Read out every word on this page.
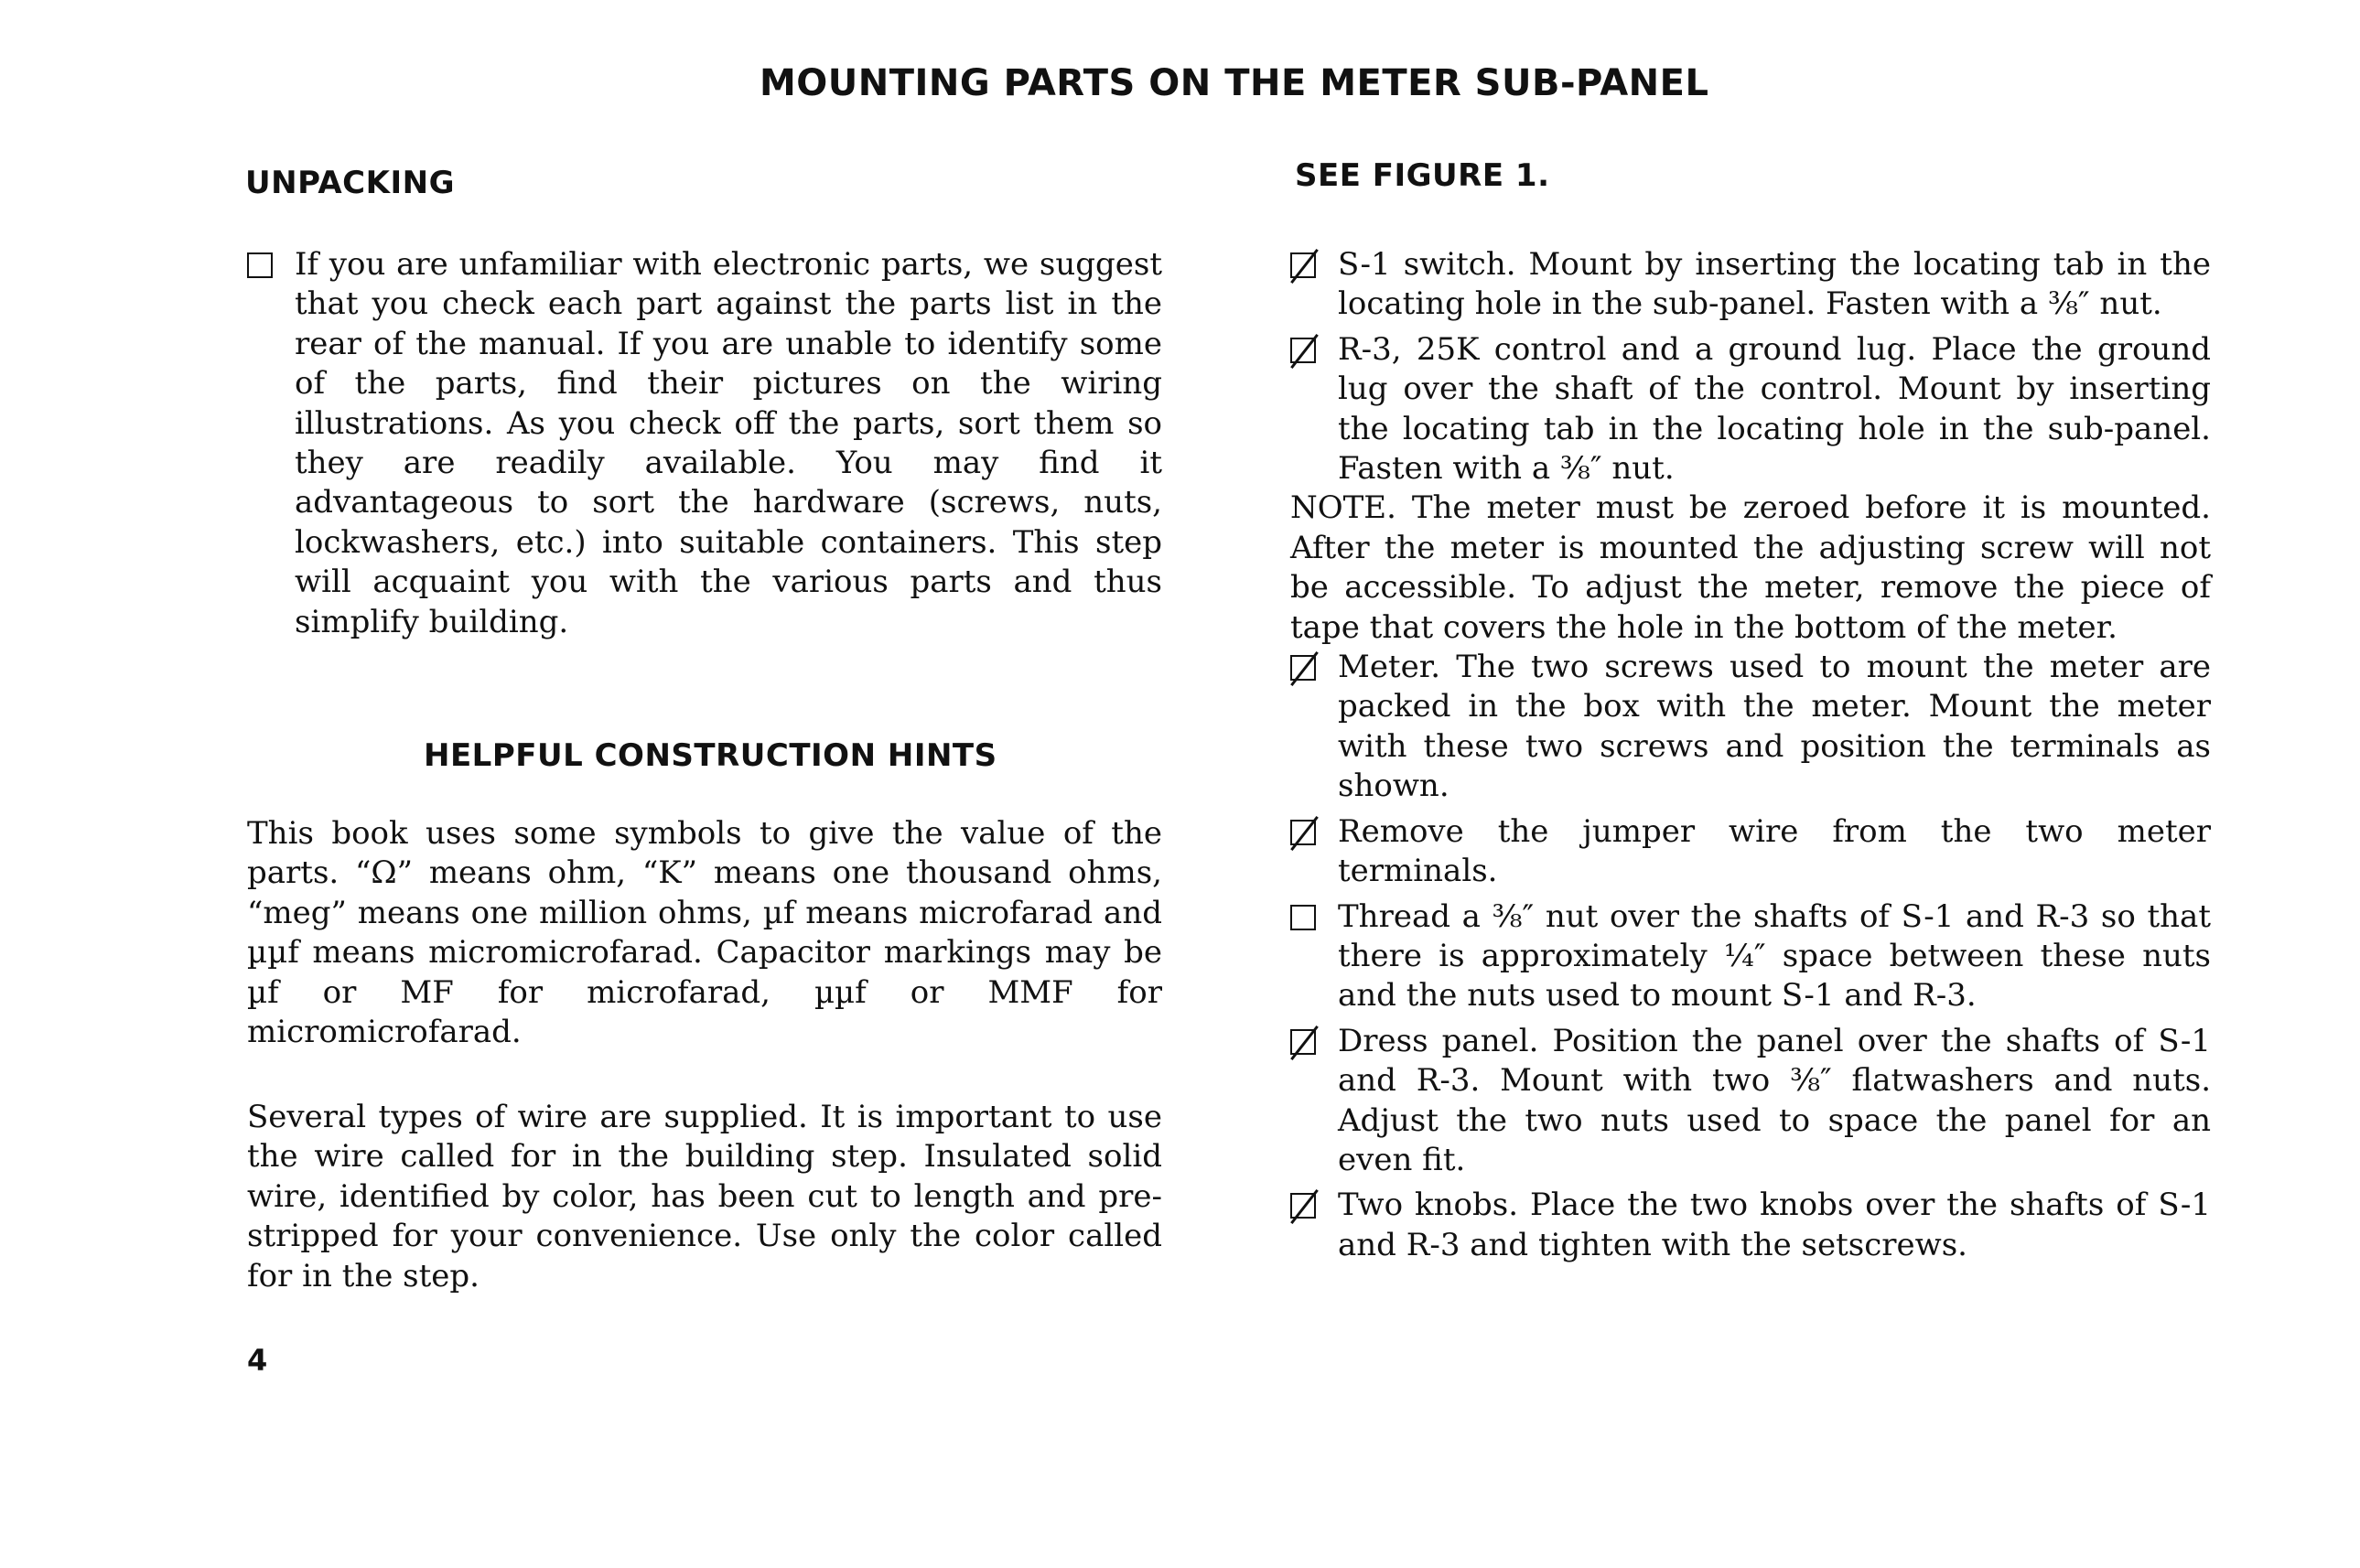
MOUNTING PARTS ON THE METER SUB-PANEL
UNPACKING
If you are unfamiliar with electronic parts, we suggest that you check each part against the parts list in the rear of the manual. If you are unable to identify some of the parts, find their pictures on the wiring illustrations. As you check off the parts, sort them so they are readily available. You may find it advantageous to sort the hardware (screws, nuts, lockwashers, etc.) into suitable containers. This step will acquaint you with the various parts and thus simplify building.
HELPFUL CONSTRUCTION HINTS

This book uses some symbols to give the value of the parts. “Ω” means ohm, “K” means one thousand ohms, “meg” means one million ohms, µf means microfarad and µµf means micromicrofarad. Capacitor markings may be µf or MF for microfarad, µµf or MMF for micromicrofarad.

Several types of wire are supplied. It is important to use the wire called for in the building step. Insulated solid wire, identified by color, has been cut to length and pre-stripped for your convenience. Use only the color called for in the step.

4
SEE FIGURE 1.
S-1 switch. Mount by inserting the locating tab in the locating hole in the sub-panel. Fasten with a ⅜″ nut.
R-3, 25K control and a ground lug. Place the ground lug over the shaft of the control. Mount by inserting the locating tab in the locating hole in the sub-panel. Fasten with a ⅜″ nut.

NOTE. The meter must be zeroed before it is mounted. After the meter is mounted the adjusting screw will not be accessible. To adjust the meter, remove the piece of tape that covers the hole in the bottom of the meter.

Meter. The two screws used to mount the meter are packed in the box with the meter. Mount the meter with these two screws and position the terminals as shown.
Remove the jumper wire from the two meter terminals.
Thread a ⅜″ nut over the shafts of S-1 and R-3 so that there is approximately ¼″ space between these nuts and the nuts used to mount S-1 and R-3.
Dress panel. Position the panel over the shafts of S-1 and R-3. Mount with two ⅜″ flatwashers and nuts. Adjust the two nuts used to space the panel for an even fit.
Two knobs. Place the two knobs over the shafts of S-1 and R-3 and tighten with the setscrews.
